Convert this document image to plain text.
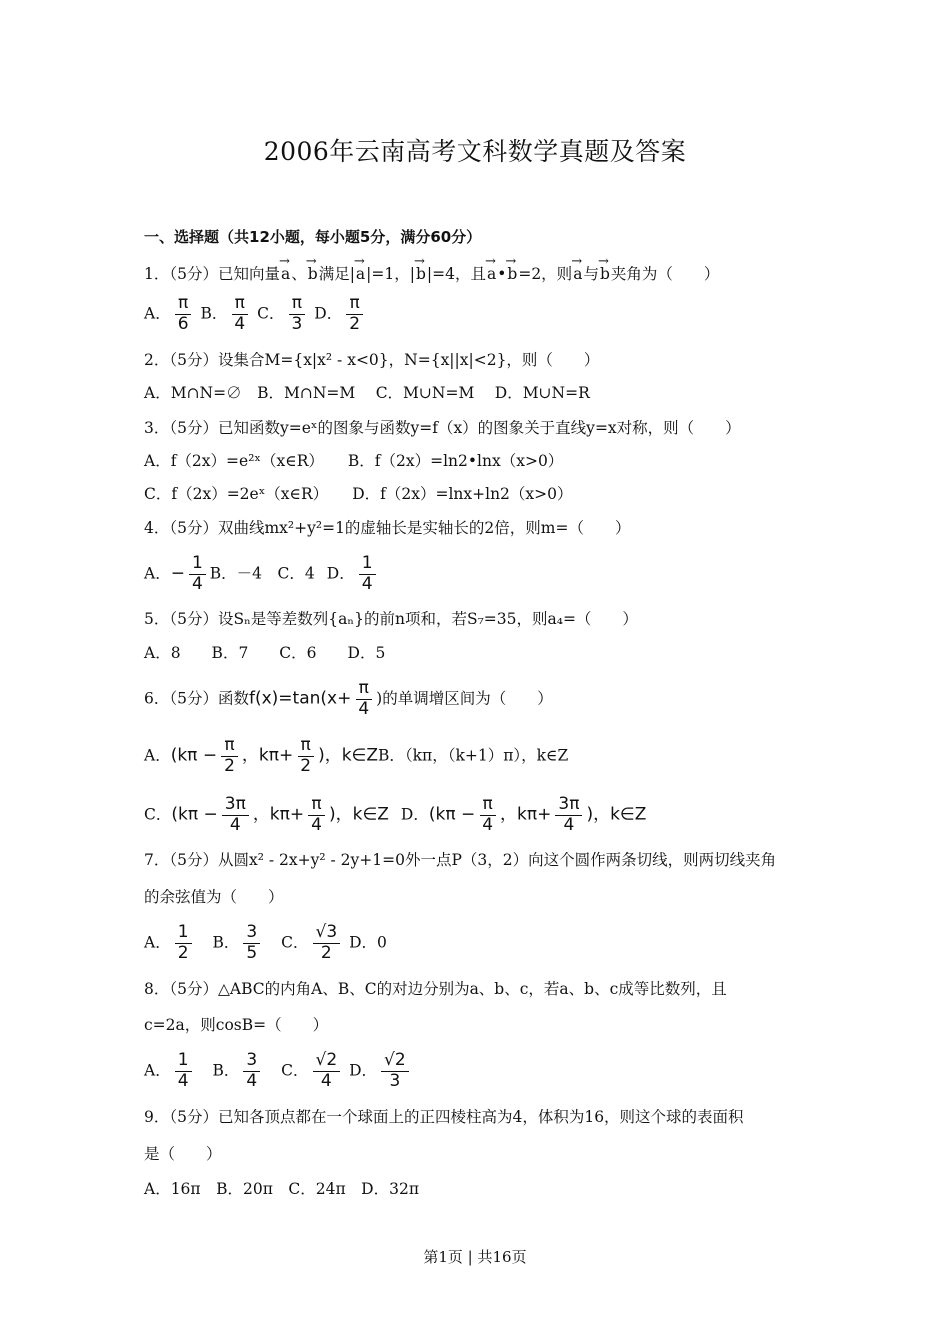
2006年云南高考文科数学真题及答案
一、选择题（共12小题，每小题5分，满分60分）
1．（5分）已知向量→ a、→ b满足|→ a|=1，|→ b|=4，且→ a•→ b=2，则→ a与→ b夹角为（　　）
A． $\frac{\pi}{6}$ B． $\frac{\pi}{4}$ C． $\frac{\pi}{3}$ D． $\frac{\pi}{2}$
2．（5分）设集合M={x|x² - x<0}，N={x||x|<2}，则（　　）
A．M∩N=∅　B．M∩N=M　 C．M∪N=M　 D．M∪N=R
3．（5分）已知函数y=eˣ的图象与函数y=f（x）的图象关于直线y=x对称，则（　　）
A．f（2x）=e²ˣ（x∈R） B．f（2x）=ln2•lnx（x>0）
C．f（2x）=2eˣ（x∈R） D．f（2x）=lnx+ln2（x>0）
4．（5分）双曲线mx²+y²=1的虚轴长是实轴长的2倍，则m=（　　）
A．− $\frac{1}{4}$ B．－4　C．4 D． $\frac{1}{4}$
5．（5分）设Sₙ是等差数列{aₙ}的前n项和，若S₇=35，则a₄=（　　）
A．8　　B．7　　C．6　　D．5
6．（5分）函数$f(x)=\tan(x+ \frac{\pi}{4}$ )的单调增区间为（　　）
A．($k\pi - \frac{\pi}{2}$ ，$k\pi+ \frac{\pi}{2}$ )，k∈ZB．（kπ，（k+1）π），k∈Z
C．($k\pi - \frac{3\pi}{4}$ ，$k\pi+ \frac{\pi}{4}$ )，k∈Z D．($k\pi - \frac{\pi}{4}$ ，$k\pi+ \frac{3\pi}{4}$ )，k∈Z
7．（5分）从圆x² - 2x+y² - 2y+1=0外一点P（3，2）向这个圆作两条切线，则两切线夹角
的余弦值为（　　）
A． $\frac{1}{2}$ B． $\frac{3}{5}$ C． $\frac{√3}{2}$ D．0
8．（5分）△ABC的内角A、B、C的对边分别为a、b、c，若a、b、c成等比数列，且
c=2a，则cosB=（　　）
A． $\frac{1}{4}$ B． $\frac{3}{4}$ C． $\frac{√2}{4}$ D． $\frac{√2}{3}$
9．（5分）已知各顶点都在一个球面上的正四棱柱高为4，体积为16，则这个球的表面积
是（　　）
A．16π　B．20π　C．24π　D．32π
第1页 | 共16页
